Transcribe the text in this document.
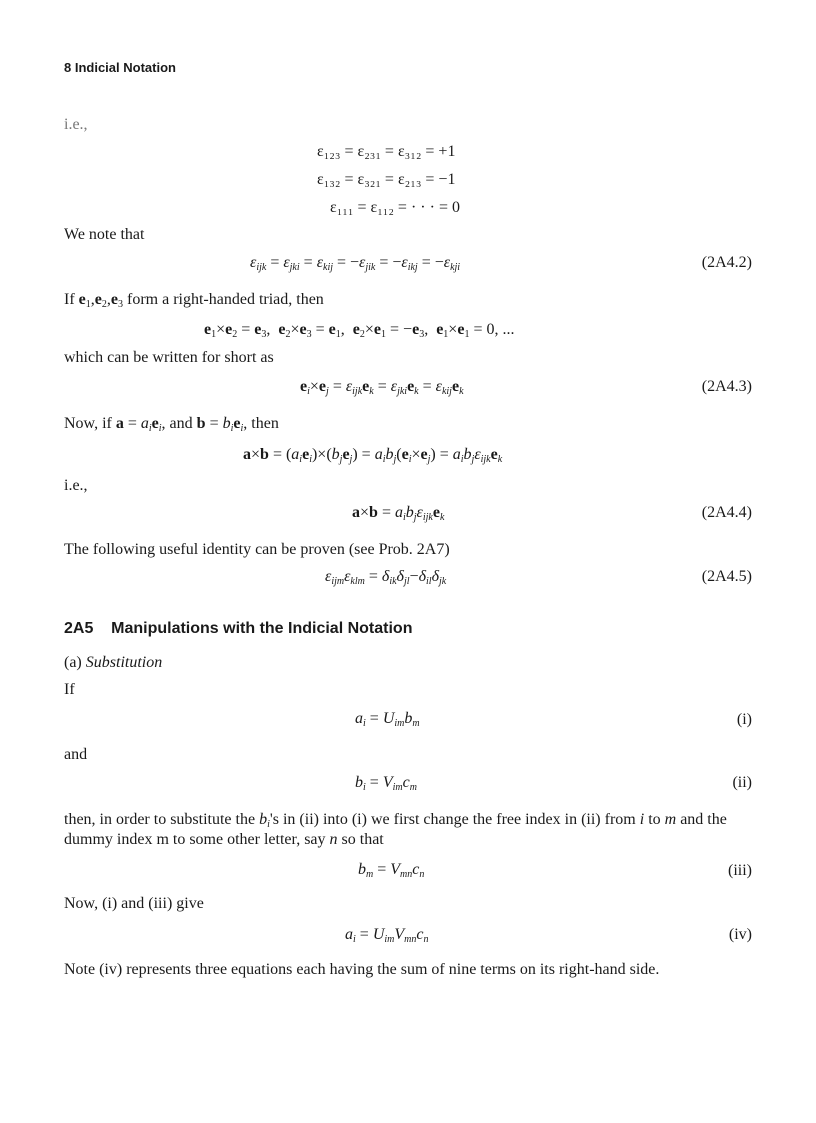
8 Indicial Notation
i.e.,
ε₁₂₃ = ε₂₃₁ = ε₃₁₂ = +1
ε₁₃₂ = ε₃₂₁ = ε₂₁₃ = −1
ε₁₁₁ = ε₁₁₂ = · · · = 0
We note that
$\varepsilon_{ijk} = \varepsilon_{jki} = \varepsilon_{kij} = -\varepsilon_{jik} = -\varepsilon_{ikj} = -\varepsilon_{kji}$	(2A4.2)
If $e_1,e_2,e_3$ form a right-handed triad, then
$e_1\times e_2 = e_3$,  $e_2\times e_3 = e_1$,  $e_2\times e_1 = -e_3$,  $e_1\times e_1 = 0$, ...
which can be written for short as
$e_i\times e_j = \varepsilon_{ijk}e_k = \varepsilon_{jki}e_k = \varepsilon_{kij}e_k$	(2A4.3)
Now, if $a = a_ie_i$, and $b = b_ie_i$, then
$a\times b = (a_ie_i)\times(b_je_j) = a_ib_j(e_i\times e_j) = a_ib_j\varepsilon_{ijk}e_k$
i.e.,
$a\times b = a_ib_j\varepsilon_{ijk}e_k$	(2A4.4)
The following useful identity can be proven (see Prob. 2A7)
$\varepsilon_{ijm}\varepsilon_{klm} = \delta_{ik}\delta_{jl}-\delta_{il}\delta_{jk}$	(2A4.5)
2A5 Manipulations with the Indicial Notation
(a) Substitution
If
$a_i = U_{im}b_m$	(i)
and
$b_i = V_{im}c_m$	(ii)
then, in order to substitute the $b_i's$ in (ii) into (i) we first change the free index in (ii) from i to m and the dummy index m to some other letter, say n so that
$b_m = V_{mn}c_n$	(iii)
Now, (i) and (iii) give
$a_i = U_{im}V_{mn}c_n$	(iv)
Note (iv) represents three equations each having the sum of nine terms on its right-hand side.
